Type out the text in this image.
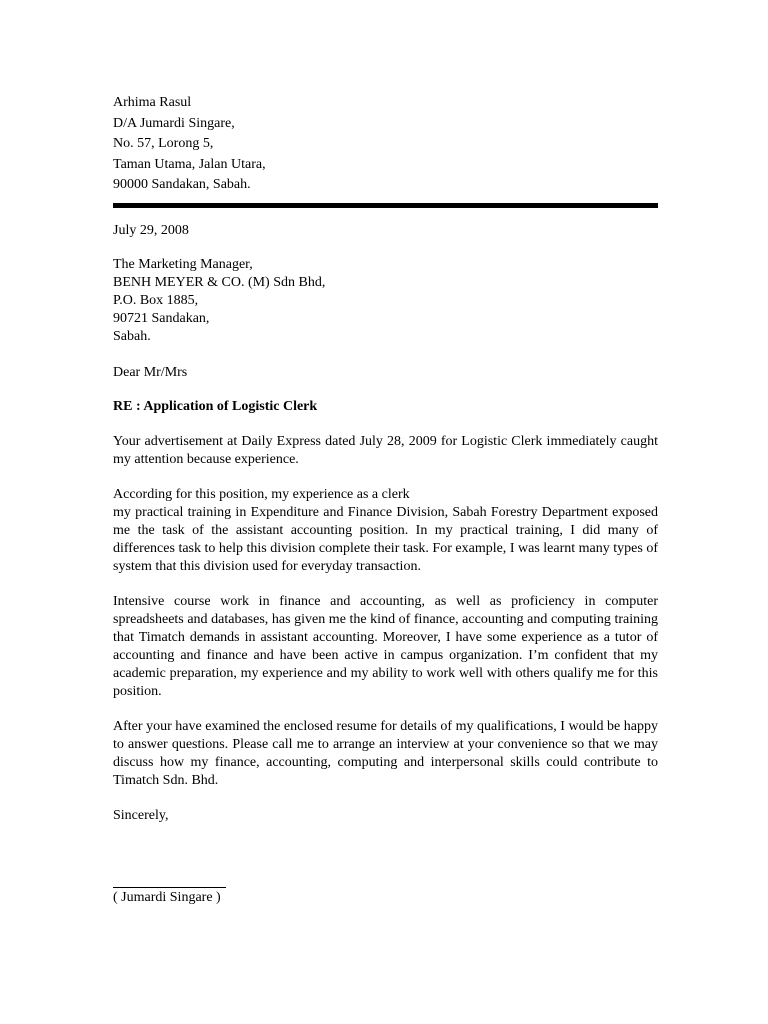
Arhima Rasul
D/A Jumardi Singare,
No. 57, Lorong 5,
Taman Utama, Jalan Utara,
90000 Sandakan, Sabah.
July 29, 2008
The Marketing Manager,
BENH MEYER & CO. (M) Sdn Bhd,
P.O. Box 1885,
90721 Sandakan,
Sabah.
Dear Mr/Mrs
RE : Application of Logistic Clerk
Your advertisement at Daily Express dated July 28, 2009 for Logistic Clerk immediately caught my attention because experience.
According for this position, my experience as a clerk
my practical training in Expenditure and Finance Division, Sabah Forestry Department exposed me the task of the assistant accounting position. In my practical training, I did many of differences task to help this division complete their task. For example, I was learnt many types of system that this division used for everyday transaction.
Intensive course work in finance and accounting, as well as proficiency in computer spreadsheets and databases, has given me the kind of finance, accounting and computing training that Timatch demands in assistant accounting. Moreover, I have some experience as a tutor of accounting and finance and have been active in campus organization. I’m confident that my academic preparation, my experience and my ability to work well with others qualify me for this position.
After your have examined the enclosed resume for details of my qualifications, I would be happy to answer questions. Please call me to arrange an interview at your convenience so that we may discuss how my finance, accounting, computing and interpersonal skills could contribute to Timatch Sdn. Bhd.
Sincerely,
( Jumardi Singare )
